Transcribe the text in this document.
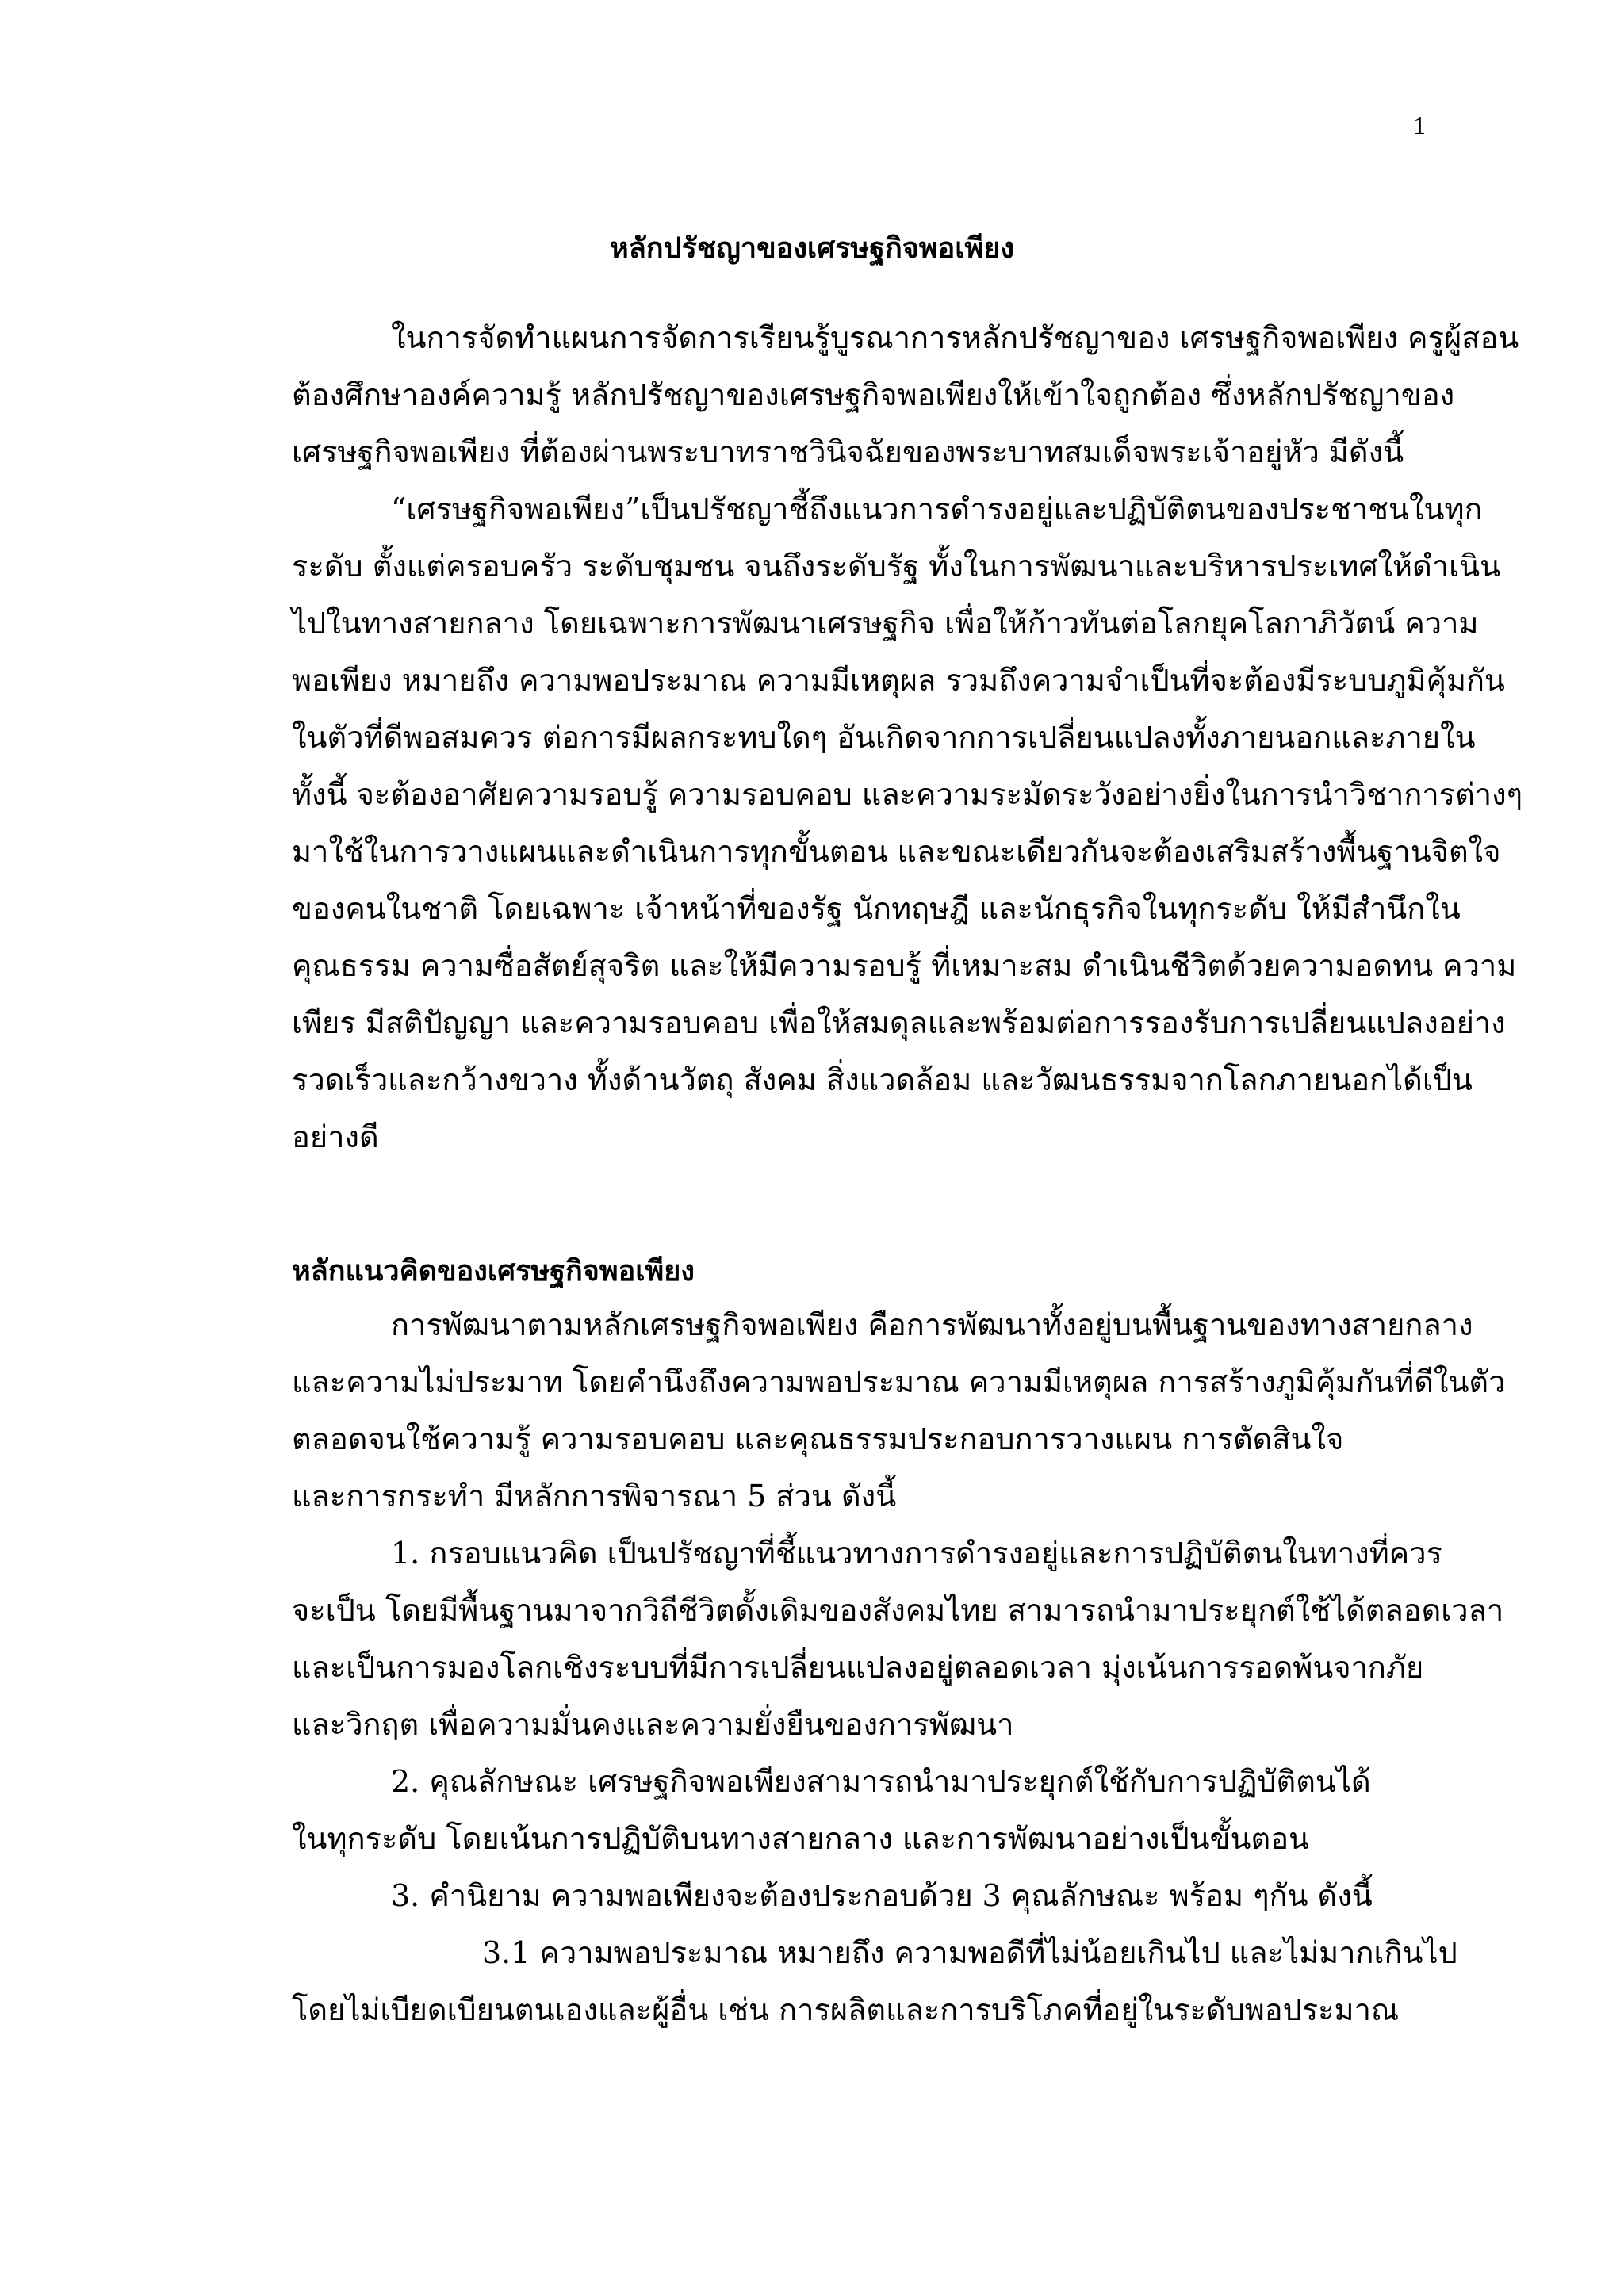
1
หลักปรัชญาของเศรษฐกิจพอเพียง
ในการจัดทำแผนการจัดการเรียนรู้บูรณาการหลักปรัชญาของ เศรษฐกิจพอเพียง ครูผู้สอน
ต้องศึกษาองค์ความรู้ หลักปรัชญาของเศรษฐกิจพอเพียงให้เข้าใจถูกต้อง ซึ่งหลักปรัชญาของ
เศรษฐกิจพอเพียง ที่ต้องผ่านพระบาทราชวินิจฉัยของพระบาทสมเด็จพระเจ้าอยู่หัว มีดังนี้
“เศรษฐกิจพอเพียง”เป็นปรัชญาชี้ถึงแนวการดำรงอยู่และปฏิบัติตนของประชาชนในทุก
ระดับ ตั้งแต่ครอบครัว ระดับชุมชน จนถึงระดับรัฐ ทั้งในการพัฒนาและบริหารประเทศให้ดำเนิน
ไปในทางสายกลาง โดยเฉพาะการพัฒนาเศรษฐกิจ เพื่อให้ก้าวทันต่อโลกยุคโลกาภิวัตน์ ความ
พอเพียง หมายถึง ความพอประมาณ ความมีเหตุผล รวมถึงความจำเป็นที่จะต้องมีระบบภูมิคุ้มกัน
ในตัวที่ดีพอสมควร ต่อการมีผลกระทบใดๆ อันเกิดจากการเปลี่ยนแปลงทั้งภายนอกและภายใน
ทั้งนี้ จะต้องอาศัยความรอบรู้ ความรอบคอบ และความระมัดระวังอย่างยิ่งในการนำวิชาการต่างๆ
มาใช้ในการวางแผนและดำเนินการทุกขั้นตอน และขณะเดียวกันจะต้องเสริมสร้างพื้นฐานจิตใจ
ของคนในชาติ โดยเฉพาะ เจ้าหน้าที่ของรัฐ นักทฤษฎี และนักธุรกิจในทุกระดับ ให้มีสำนึกใน
คุณธรรม ความซื่อสัตย์สุจริต และให้มีความรอบรู้ ที่เหมาะสม ดำเนินชีวิตด้วยความอดทน ความ
เพียร มีสติปัญญา และความรอบคอบ เพื่อให้สมดุลและพร้อมต่อการรองรับการเปลี่ยนแปลงอย่าง
รวดเร็วและกว้างขวาง ทั้งด้านวัตถุ สังคม สิ่งแวดล้อม และวัฒนธรรมจากโลกภายนอกได้เป็น
อย่างดี
หลักแนวคิดของเศรษฐกิจพอเพียง
การพัฒนาตามหลักเศรษฐกิจพอเพียง คือการพัฒนาทั้งอยู่บนพื้นฐานของทางสายกลาง
และความไม่ประมาท โดยคำนึงถึงความพอประมาณ ความมีเหตุผล การสร้างภูมิคุ้มกันที่ดีในตัว
ตลอดจนใช้ความรู้ ความรอบคอบ และคุณธรรมประกอบการวางแผน การตัดสินใจ
และการกระทำ มีหลักการพิจารณา 5 ส่วน ดังนี้
1. กรอบแนวคิด เป็นปรัชญาที่ชี้แนวทางการดำรงอยู่และการปฏิบัติตนในทางที่ควร
จะเป็น โดยมีพื้นฐานมาจากวิถีชีวิตดั้งเดิมของสังคมไทย สามารถนำมาประยุกต์ใช้ได้ตลอดเวลา
และเป็นการมองโลกเชิงระบบที่มีการเปลี่ยนแปลงอยู่ตลอดเวลา มุ่งเน้นการรอดพ้นจากภัย
และวิกฤต เพื่อความมั่นคงและความยั่งยืนของการพัฒนา
2. คุณลักษณะ เศรษฐกิจพอเพียงสามารถนำมาประยุกต์ใช้กับการปฏิบัติตนได้
ในทุกระดับ โดยเน้นการปฏิบัติบนทางสายกลาง และการพัฒนาอย่างเป็นขั้นตอน
3. คำนิยาม ความพอเพียงจะต้องประกอบด้วย 3 คุณลักษณะ พร้อม ๆกัน ดังนี้
3.1 ความพอประมาณ หมายถึง ความพอดีที่ไม่น้อยเกินไป และไม่มากเกินไป
โดยไม่เบียดเบียนตนเองและผู้อื่น เช่น การผลิตและการบริโภคที่อยู่ในระดับพอประมาณ
